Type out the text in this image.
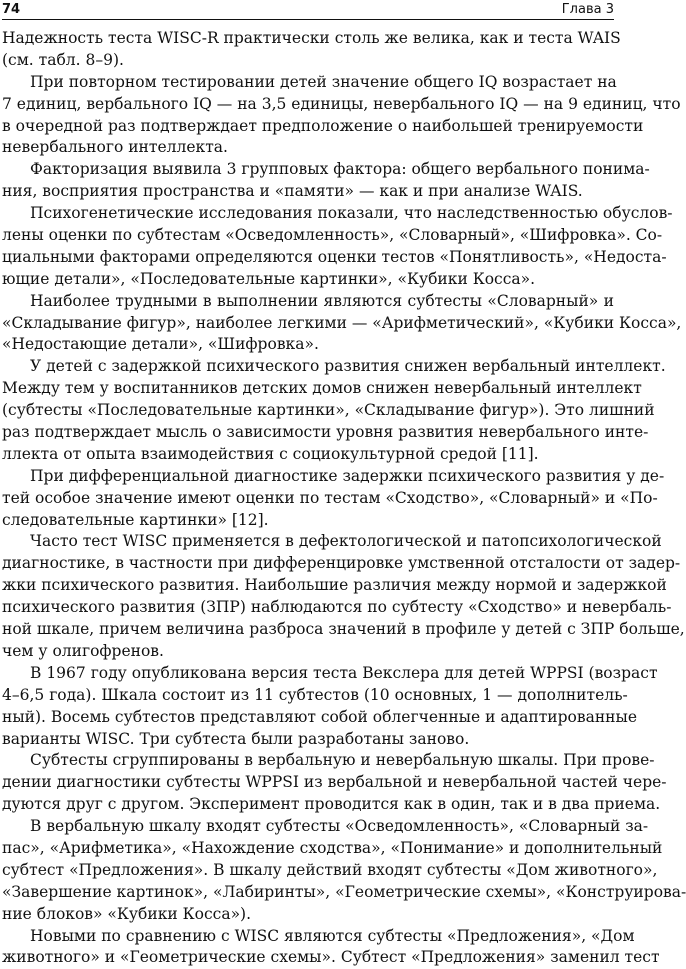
74	Глава 3
Надежность теста WISC-R практически столь же велика, как и теста WAIS
(см. табл. 8–9).
При повторном тестировании детей значение общего IQ возрастает на
7 единиц, вербального IQ — на 3,5 единицы, невербального IQ — на 9 единиц, что
в очередной раз подтверждает предположение о наибольшей тренируемости
невербального интеллекта.
Факторизация выявила 3 групповых фактора: общего вербального понима-
ния, восприятия пространства и «памяти» — как и при анализе WAIS.
Психогенетические исследования показали, что наследственностью обуслов-
лены оценки по субтестам «Осведомленность», «Словарный», «Шифровка». Со-
циальными факторами определяются оценки тестов «Понятливость», «Недоста-
ющие детали», «Последовательные картинки», «Кубики Косса».
Наиболее трудными в выполнении являются субтесты «Словарный» и
«Складывание фигур», наиболее легкими — «Арифметический», «Кубики Косса»,
«Недостающие детали», «Шифровка».
У детей с задержкой психического развития снижен вербальный интеллект.
Между тем у воспитанников детских домов снижен невербальный интеллект
(субтесты «Последовательные картинки», «Складывание фигур»). Это лишний
раз подтверждает мысль о зависимости уровня развития невербального инте-
ллекта от опыта взаимодействия с социокультурной средой [11].
При дифференциальной диагностике задержки психического развития у де-
тей особое значение имеют оценки по тестам «Сходство», «Словарный» и «По-
следовательные картинки» [12].
Часто тест WISC применяется в дефектологической и патопсихологической
диагностике, в частности при дифференцировке умственной отсталости от задер-
жки психического развития. Наибольшие различия между нормой и задержкой
психического развития (ЗПР) наблюдаются по субтесту «Сходство» и невербаль-
ной шкале, причем величина разброса значений в профиле у детей с ЗПР больше,
чем у олигофренов.
В 1967 году опубликована версия теста Векслера для детей WPPSI (возраст
4–6,5 года). Шкала состоит из 11 субтестов (10 основных, 1 — дополнитель-
ный). Восемь субтестов представляют собой облегченные и адаптированные
варианты WISC. Три субтеста были разработаны заново.
Субтесты сгруппированы в вербальную и невербальную шкалы. При прове-
дении диагностики субтесты WPPSI из вербальной и невербальной частей чере-
дуются друг с другом. Эксперимент проводится как в один, так и в два приема.
В вербальную шкалу входят субтесты «Осведомленность», «Словарный за-
пас», «Арифметика», «Нахождение сходства», «Понимание» и дополнительный
субтест «Предложения». В шкалу действий входят субтесты «Дом животного»,
«Завершение картинок», «Лабиринты», «Геометрические схемы», «Конструирова-
ние блоков» «Кубики Косса»).
Новыми по сравнению с WISC являются субтесты «Предложения», «Дом
животного» и «Геометрические схемы». Субтест «Предложения» заменил тест
